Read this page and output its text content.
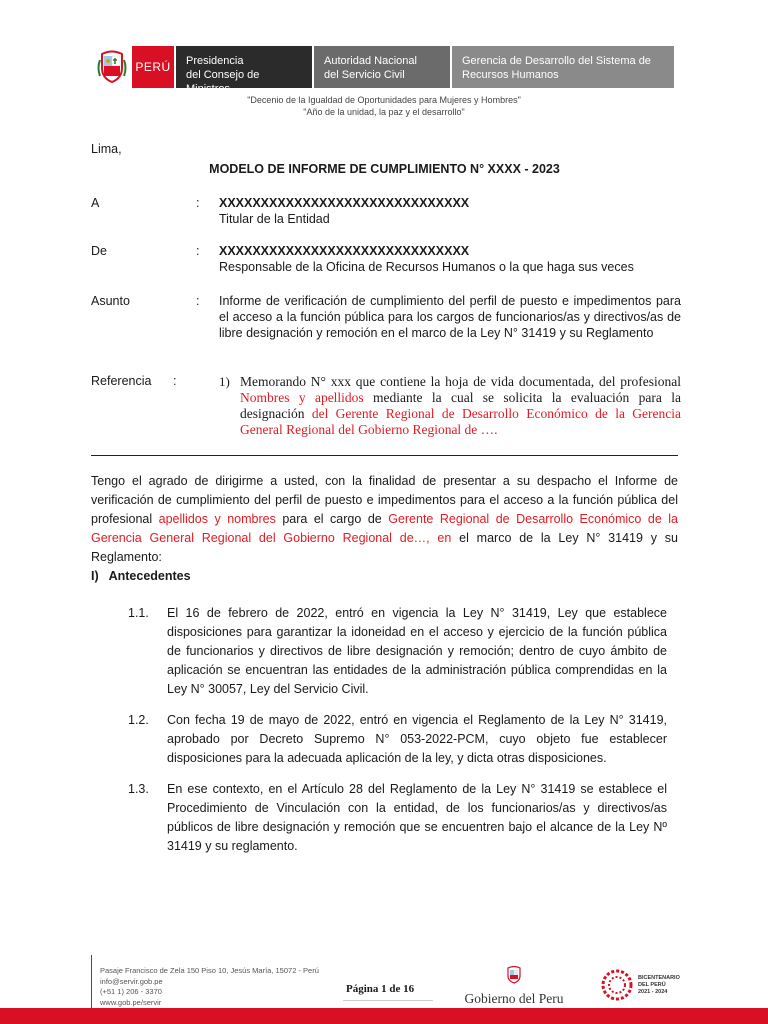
PERÚ	Presidencia
del Consejo de Ministros
Autoridad Nacional
del Servicio Civil
Gerencia de Desarrollo del Sistema de
Recursos Humanos
"Decenio de la Igualdad de Oportunidades para Mujeres y Hombres"
"Año de la unidad, la paz y el desarrollo"
Lima,
MODELO DE INFORME DE CUMPLIMIENTO N° XXXX - 2023
A	: XXXXXXXXXXXXXXXXXXXXXXXXXXXXXX
Titular de la Entidad
De	: XXXXXXXXXXXXXXXXXXXXXXXXXXXXXX
Responsable de la Oficina de Recursos Humanos o la que haga sus veces
Asunto	: Informe de verificación de cumplimiento del perfil de puesto e impedimentos para el acceso a la función pública para los cargos de funcionarios/as y directivos/as de libre designación y remoción en el marco de la Ley N° 31419 y su Reglamento
Referencia :	1) Memorando N° xxx que contiene la hoja de vida documentada, del profesional Nombres y apellidos mediante la cual se solicita la evaluación para la designación del Gerente Regional de Desarrollo Económico de la Gerencia General Regional del Gobierno Regional de ….
Tengo el agrado de dirigirme a usted, con la finalidad de presentar a su despacho el Informe de verificación de cumplimiento del perfil de puesto e impedimentos para el acceso a la función pública del profesional apellidos y nombres para el cargo de Gerente Regional de Desarrollo Económico de la Gerencia General Regional del Gobierno Regional de…, en el marco de la Ley N° 31419 y su Reglamento:
I)   Antecedentes
1.1. El 16 de febrero de 2022, entró en vigencia la Ley N° 31419, Ley que establece disposiciones para garantizar la idoneidad en el acceso y ejercicio de la función pública de funcionarios y directivos de libre designación y remoción; dentro de cuyo ámbito de aplicación se encuentran las entidades de la administración pública comprendidas en la Ley N° 30057, Ley del Servicio Civil.
1.2. Con fecha 19 de mayo de 2022, entró en vigencia el Reglamento de la Ley N° 31419, aprobado por Decreto Supremo N° 053-2022-PCM, cuyo objeto fue establecer disposiciones para la adecuada aplicación de la ley, y dicta otras disposiciones.
1.3. En ese contexto, en el Artículo 28 del Reglamento de la Ley N° 31419 se establece el Procedimiento de Vinculación con la entidad, de los funcionarios/as y directivos/as públicos de libre designación y remoción que se encuentren bajo el alcance de la Ley Nº 31419 y su reglamento.
Pasaje Francisco de Zela 150 Piso 10, Jesús María, 15072 - Perú
info@servir.gob.pe
(+51 1) 206 - 3370
www.gob.pe/servir
Página 1 de 16
Gobierno del Peru
BICENTENARIO
DEL PERÚ
2021 - 2024
